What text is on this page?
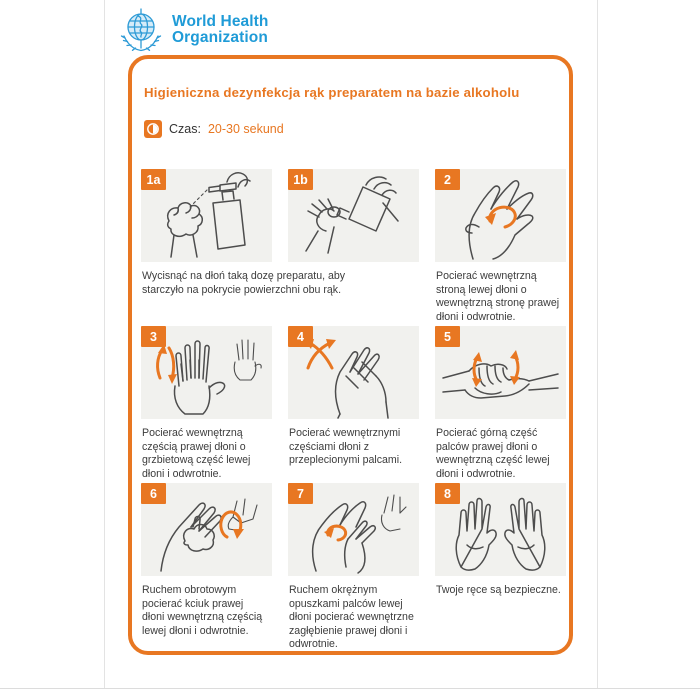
World Health
Organization
Higieniczna dezynfekcja rąk preparatem na bazie alkoholu
Czas: 20-30 sekund
1a	1b	2
Wycisnąć na dłoń taką dozę preparatu, aby starczyło na pokrycie powierzchni obu rąk.
Pocierać wewnętrzną stroną lewej dłoni o wewnętrzną stronę prawej dłoni i odwrotnie.
3	4	5
Pocierać wewnętrzną częścią prawej dłoni o grzbietową część lewej dłoni i odwrotnie.
Pocierać wewnętrznymi częściami dłoni z przeplecionymi palcami.
Pocierać górną część palców prawej dłoni o wewnętrzną część lewej dłoni i odwrotnie.
6	7	8
Ruchem obrotowym pocierać kciuk prawej dłoni wewnętrzną częścią lewej dłoni i odwrotnie.
Ruchem okrężnym opuszkami palców lewej dłoni pocierać wewnętrzne zagłębienie prawej dłoni i odwrotnie.
Twoje ręce są bezpieczne.
